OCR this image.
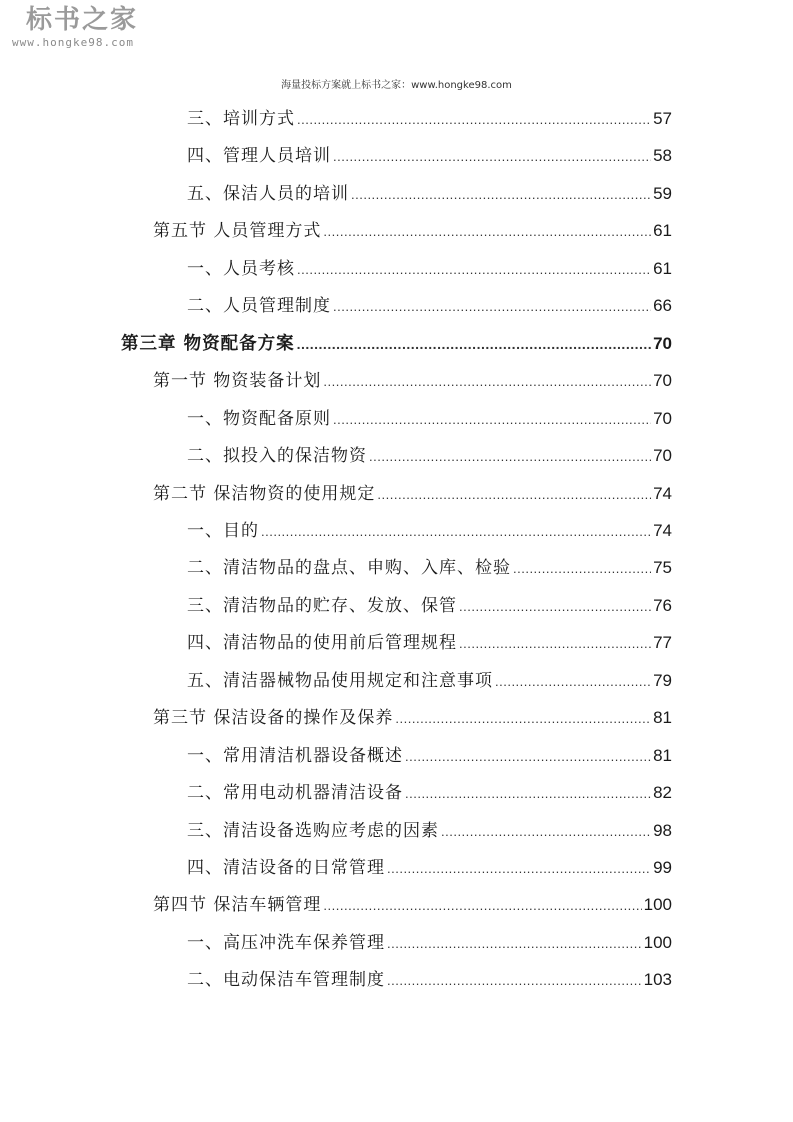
标书之家
www.hongke98.com
海量投标方案就上标书之家：www.hongke98.com
三、培训方式 .....	57
四、管理人员培训 .....	58
五、保洁人员的培训 .....	59
第五节 人员管理方式 .....	61
一、人员考核 .....	61
二、人员管理制度 .....	66
第三章 物资配备方案 .....	70
第一节 物资装备计划 .....	70
一、物资配备原则 .....	70
二、拟投入的保洁物资 .....	70
第二节 保洁物资的使用规定 .....	74
一、目的 .....	74
二、清洁物品的盘点、申购、入库、检验 .....	75
三、清洁物品的贮存、发放、保管 .....	76
四、清洁物品的使用前后管理规程 .....	77
五、清洁器械物品使用规定和注意事项 .....	79
第三节 保洁设备的操作及保养 .....	81
一、常用清洁机器设备概述 .....	81
二、常用电动机器清洁设备 .....	82
三、清洁设备选购应考虑的因素 .....	98
四、清洁设备的日常管理 .....	99
第四节 保洁车辆管理 .....	100
一、高压冲洗车保养管理 .....	100
二、电动保洁车管理制度 .....	103
